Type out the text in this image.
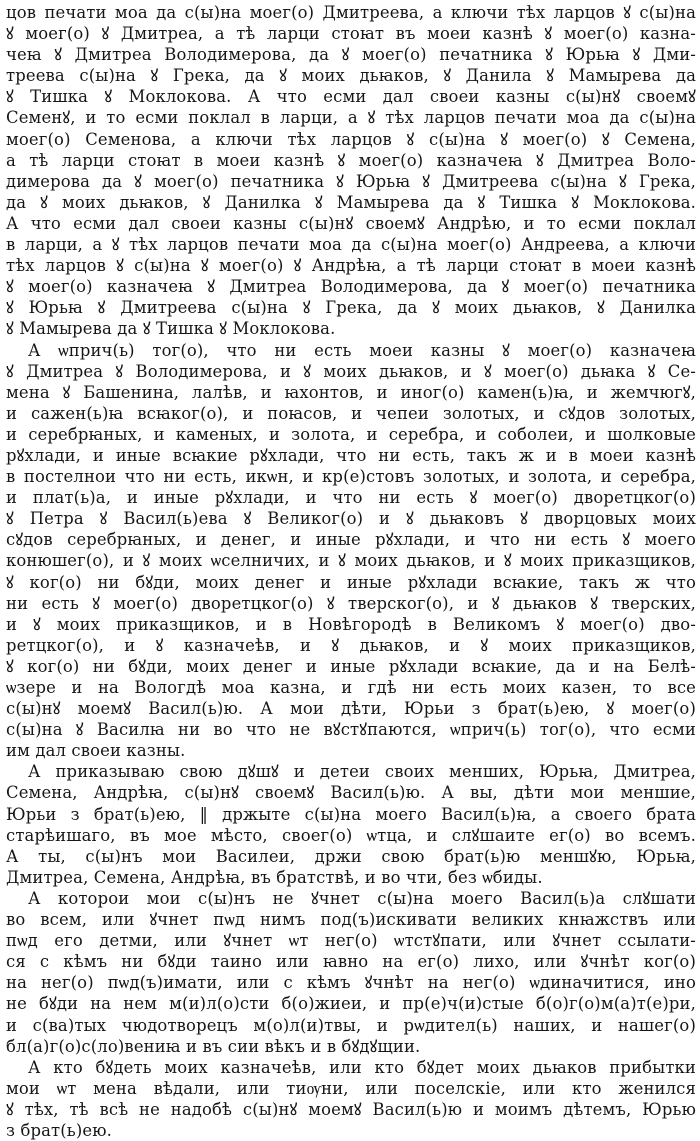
цов печати моа да с(ы)на моег(о) Дмитреева, а ключи тѣх ларцов ꙋ с(ы)на
ꙋ моег(о) ꙋ Дмитреа, а тѣ ларци стоꙗт въ моеи казнѣ ꙋ моег(о) казна-
чеꙗ ꙋ Дмитреа Володимерова, да ꙋ моег(о) печатника ꙋ Юрьꙗ ꙋ Дми-
треева с(ы)на ꙋ Грека, да ꙋ моих дьꙗков, ꙋ Данила ꙋ Мамырева да
ꙋ Тишка ꙋ Моклокова. А что есми дал своеи казны с(ы)нꙋ своемꙋ
Семенꙋ, и то есми поклал в ларци, а ꙋ тѣх ларцов печати моа да с(ы)на
моег(о) Семенова, а ключи тѣх ларцов ꙋ с(ы)на ꙋ моег(о) ꙋ Семена,
а тѣ ларци стоꙗт в моеи казнѣ ꙋ моег(о) казначеꙗ ꙋ Дмитреа Воло-
димерова да ꙋ моег(о) печатника ꙋ Юрьꙗ ꙋ Дмитреева с(ы)на ꙋ Грека,
да ꙋ моих дьꙗков, ꙋ Данилка ꙋ Мамырева да ꙋ Тишка ꙋ Моклокова.
А что есми дал своеи казны с(ы)нꙋ своемꙋ Андрѣю, и то есми поклал
в ларци, а ꙋ тѣх ларцов печати моа да с(ы)на моег(о) Андреева, а ключи
тѣх ларцов ꙋ с(ы)на ꙋ моег(о) ꙋ Андрѣꙗ, а тѣ ларци стоꙗт в моеи казнѣ
ꙋ моег(о) казначеꙗ ꙋ Дмитреа Володимерова, да ꙋ моег(о) печатника
ꙋ Юрьꙗ ꙋ Дмитреева с(ы)на ꙋ Грека, да ꙋ моих дьꙗков, ꙋ Данилка
ꙋ Мамырева да ꙋ Тишка ꙋ Моклокова.
А ѡприч(ь) тог(о), что ни есть моеи казны ꙋ моег(о) казначеꙗ
ꙋ Дмитреа ꙋ Володимерова, и ꙋ моих дьꙗков, и ꙋ моег(о) дьꙗка ꙋ Се-
мена ꙋ Башенина, лалѣв, и ꙗхонтов, и иног(о) камен(ь)ꙗ, и жемчюгꙋ,
и сажен(ь)ꙗ всꙗког(о), и поꙗсов, и чепеи золотых, и сꙋдов золотых,
и серебрꙗных, и каменых, и золота, и серебра, и соболеи, и шолковые
рꙋхлади, и иные всꙗкие рꙋхлади, что ни есть, такъ ж и в моеи казнѣ
в постелнои что ни есть, икѡн, и кр(е)стовъ золотых, и золота, и серебра,
и плат(ь)а, и иные рꙋхлади, и что ни есть ꙋ моег(о) дворетцког(о)
ꙋ Петра ꙋ Васил(ь)ева ꙋ Великог(о) и ꙋ дьꙗковъ ꙋ дворцовых моих
сꙋдов серебрꙗных, и денег, и иные рꙋхлади, и что ни есть ꙋ моего
конюшег(о), и ꙋ моих ѡселничих, и ꙋ моих дьꙗков, и ꙋ моих приказщиков,
ꙋ ког(о) ни бꙋди, моих денег и иные рꙋхлади всꙗкие, такъ ж что
ни есть ꙋ моег(о) дворетцког(о) ꙋ тверског(о), и ꙋ дьꙗков ꙋ тверских,
и ꙋ моих приказщиков, и в Новѣгородѣ в Великомъ ꙋ моег(о) дво-
ретцког(о), и ꙋ казначеѣв, и ꙋ дьꙗков, и ꙋ моих приказщиков,
ꙋ ког(о) ни бꙋди, моих денег и иные рꙋхлади всꙗкие, да и на Белѣ-
ѡзере и на Вологдѣ моа казна, и гдѣ ни есть моих казен, то все
с(ы)нꙋ моемꙋ Васил(ь)ю. А мои дѣти, Юрьи з брат(ь)ею, ꙋ моег(о)
с(ы)на ꙋ Василꙗ ни во что не вꙋстꙋпаются, ѡприч(ь) тог(о), что есми
им дал своеи казны.
А приказываю свою дꙋшꙋ и детеи своих менших, Юрьꙗ, Дмитреа,
Семена, Андрѣꙗ, с(ы)нꙋ своемꙋ Васил(ь)ю. А вы, дѣти мои меншие,
Юрьи з брат(ь)ею, ‖ држыте с(ы)на моего Васил(ь)ꙗ, а своего брата
старѣишаго, въ мое мѣсто, своег(о) ѡтца, и слꙋшаите ег(о) во всемъ.
А ты, с(ы)нъ мои Василеи, држи свою брат(ь)ю меншꙋю, Юрьꙗ,
Дмитреа, Семена, Андрѣꙗ, въ братствѣ, и во чти, без ѡбиды.
А которои мои с(ы)нъ не ꙋчнет с(ы)на моего Васил(ь)а слꙋшати
во всем, или ꙋчнет пѡд нимъ под(ъ)искивати великих кнꙗжствъ или
пѡд его детми, или ꙋчнет ѡт нег(о) ѡтстꙋпати, или ꙋчнет ссылати-
ся с кѣмъ ни бꙋди таино или ꙗвно на ег(о) лихо, или ꙋчнѣт ког(о)
на нег(о) пѡд(ъ)имати, или с кѣмъ ꙋчнѣт на нег(о) ѡдиначитися, ино
не бꙋди на нем м(и)л(о)сти б(о)жиеи, и пр(е)ч(и)стые б(о)г(о)м(а)т(е)ри,
и с(ва)тых чюдотворецъ м(о)л(и)твы, и рѡдител(ь) наших, и нашег(о)
бл(а)г(о)с(ло)вениꙗ и въ сии вѣкъ и в бꙋдꙋщии.
А кто бꙋдеть моих казначеѣв, или кто бꙋдет моих дьꙗков прибытки
мои ѡт мена вѣдали, или тиѹни, или поселскіе, или кто женился
ꙋ тѣх, тѣ всѣ не надобѣ с(ы)нꙋ моемꙋ Васил(ь)ю и моимъ дѣтемъ, Юрью
з брат(ь)ею.
